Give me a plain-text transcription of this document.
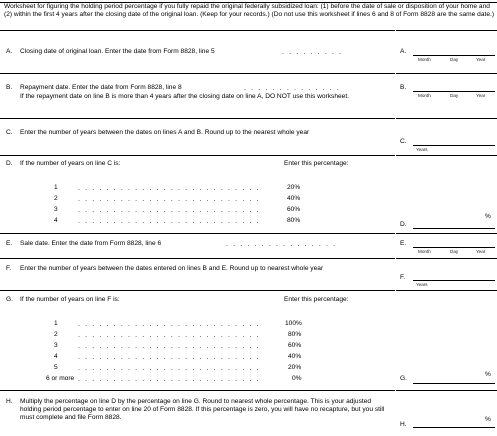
Worksheet for figuring the holding period percentage if you fully repaid the original federally subsidized loan: (1) before the date of sale or disposition of your home and (2) within the first 4 years after the closing date of the original loan. (Keep for your records.) (Do not use this worksheet if lines 6 and 8 of Form 8828 are the same date.)
A. Closing date of original loan. Enter the date from Form 8828, line 5	.........	A.
Month	Day	Year
B. Repayment date. Enter the date from Form 8828, line 8	..............
If the repayment date on line B is more than 4 years after the closing date on line A, DO NOT use this worksheet.
B.
Month	Day	Year
C. Enter the number of years between the dates on lines A and B. Round up to the nearest whole year
C.
Years
D. If the number of years on line C is:	Enter this percentage:
1	..........................	20%
2	..........................	40%
3	..........................	60%
4	..........................	80%
D.
%
E. Sale date. Enter the date from Form 8828, line 6	................	E.
Month	Day	Year
F. Enter the number of years between the dates entered on lines B and E. Round up to nearest whole year
F.
Years
G. If the number of years on line F is:	Enter this percentage:
1	..........................	100%
2	..........................	80%
3	..........................	60%
4	..........................	40%
5	..........................	20%
6 or more ..........................	0%	G.
%
H. Multiply the percentage on line D by the percentage on line G. Round to nearest whole percentage. This is your adjusted holding period percentage to enter on line 20 of Form 8828. If this percentage is zero, you will have no recapture, but you still must complete and file Form 8828.
H.
%
